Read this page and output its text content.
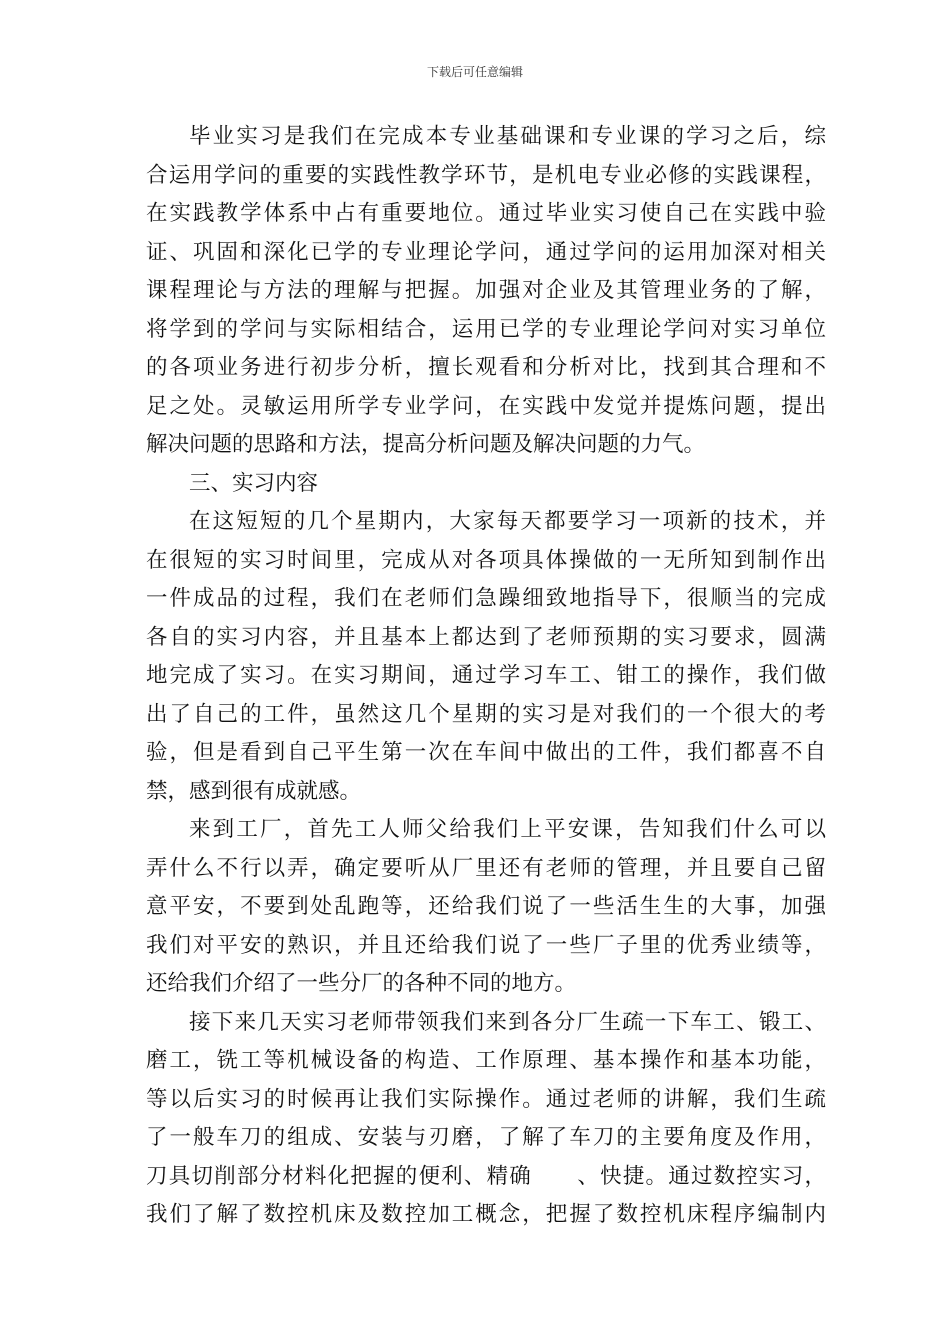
下载后可任意编辑
毕业实习是我们在完成本专业基础课和专业课的学习之后，综
合运用学问的重要的实践性教学环节，是机电专业必修的实践课程，
在实践教学体系中占有重要地位。通过毕业实习使自己在实践中验
证、巩固和深化已学的专业理论学问，通过学问的运用加深对相关
课程理论与方法的理解与把握。加强对企业及其管理业务的了解，
将学到的学问与实际相结合，运用已学的专业理论学问对实习单位
的各项业务进行初步分析，擅长观看和分析对比，找到其合理和不
足之处。灵敏运用所学专业学问，在实践中发觉并提炼问题，提出
解决问题的思路和方法，提高分析问题及解决问题的力气。
三、实习内容
在这短短的几个星期内，大家每天都要学习一项新的技术，并
在很短的实习时间里，完成从对各项具体操做的一无所知到制作出
一件成品的过程，我们在老师们急躁细致地指导下，很顺当的完成
各自的实习内容，并且基本上都达到了老师预期的实习要求，圆满
地完成了实习。在实习期间，通过学习车工、钳工的操作，我们做
出了自己的工件，虽然这几个星期的实习是对我们的一个很大的考
验，但是看到自己平生第一次在车间中做出的工件，我们都喜不自
禁，感到很有成就感。
来到工厂，首先工人师父给我们上平安课，告知我们什么可以
弄什么不行以弄，确定要听从厂里还有老师的管理，并且要自己留
意平安，不要到处乱跑等，还给我们说了一些活生生的大事，加强
我们对平安的熟识，并且还给我们说了一些厂子里的优秀业绩等，
还给我们介绍了一些分厂的各种不同的地方。
接下来几天实习老师带领我们来到各分厂生疏一下车工、锻工、
磨工，铣工等机械设备的构造、工作原理、基本操作和基本功能，
等以后实习的时候再让我们实际操作。通过老师的讲解，我们生疏
了一般车刀的组成、安装与刃磨，了解了车刀的主要角度及作用，
刀具切削部分材料化把握的便利、精确　　、快捷。通过数控实习，
我们了解了数控机床及数控加工概念，把握了数控机床程序编制内
